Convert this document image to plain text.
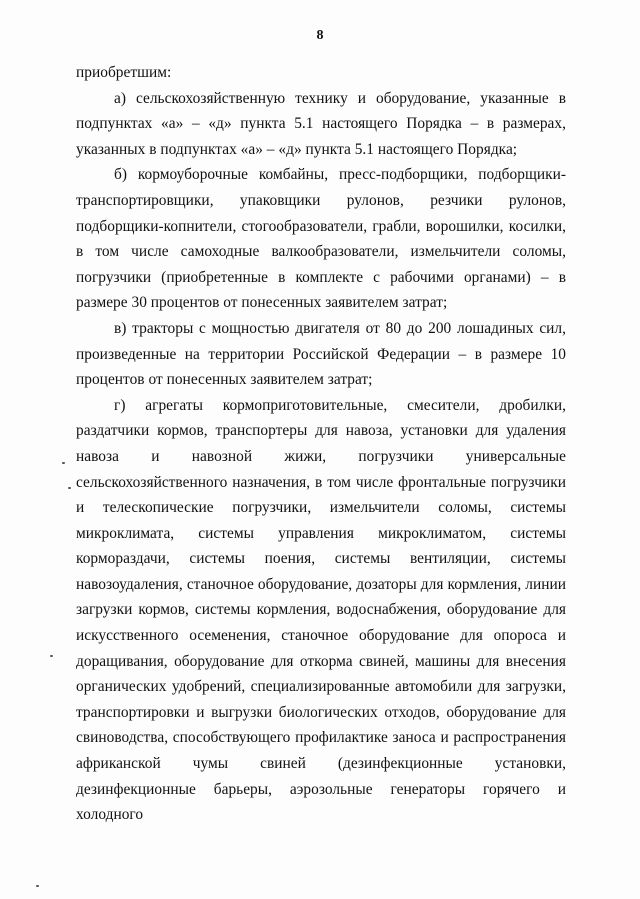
8

приобретшим:

а) сельскохозяйственную технику и оборудование, указанные в подпунктах «а» – «д» пункта 5.1 настоящего Порядка – в размерах, указанных в подпунктах «а» – «д» пункта 5.1 настоящего Порядка;

б) кормоуборочные комбайны, пресс-подборщики, подборщики-транспортировщики, упаковщики рулонов, резчики рулонов, подборщики-копнители, стогообразователи, грабли, ворошилки, косилки, в том числе самоходные валкообразователи, измельчители соломы, погрузчики (приобретенные в комплекте с рабочими органами) – в размере 30 процентов от понесенных заявителем затрат;

в) тракторы с мощностью двигателя от 80 до 200 лошадиных сил, произведенные на территории Российской Федерации – в размере 10 процентов от понесенных заявителем затрат;

г) агрегаты кормоприготовительные, смесители, дробилки, раздатчики кормов, транспортеры для навоза, установки для удаления навоза и навозной жижи, погрузчики универсальные сельскохозяйственного назначения, в том числе фронтальные погрузчики и телескопические погрузчики, измельчители соломы, системы микроклимата, системы управления микроклиматом, системы кормораздачи, системы поения, системы вентиляции, системы навозоудаления, станочное оборудование, дозаторы для кормления, линии загрузки кормов, системы кормления, водоснабжения, оборудование для искусственного осеменения, станочное оборудование для опороса и доращивания, оборудование для откорма свиней, машины для внесения органических удобрений, специализированные автомобили для загрузки, транспортировки и выгрузки биологических отходов, оборудование для свиноводства, способствующего профилактике заноса и распространения африканской чумы свиней (дезинфекционные установки, дезинфекционные барьеры, аэрозольные генераторы горячего и холодного
